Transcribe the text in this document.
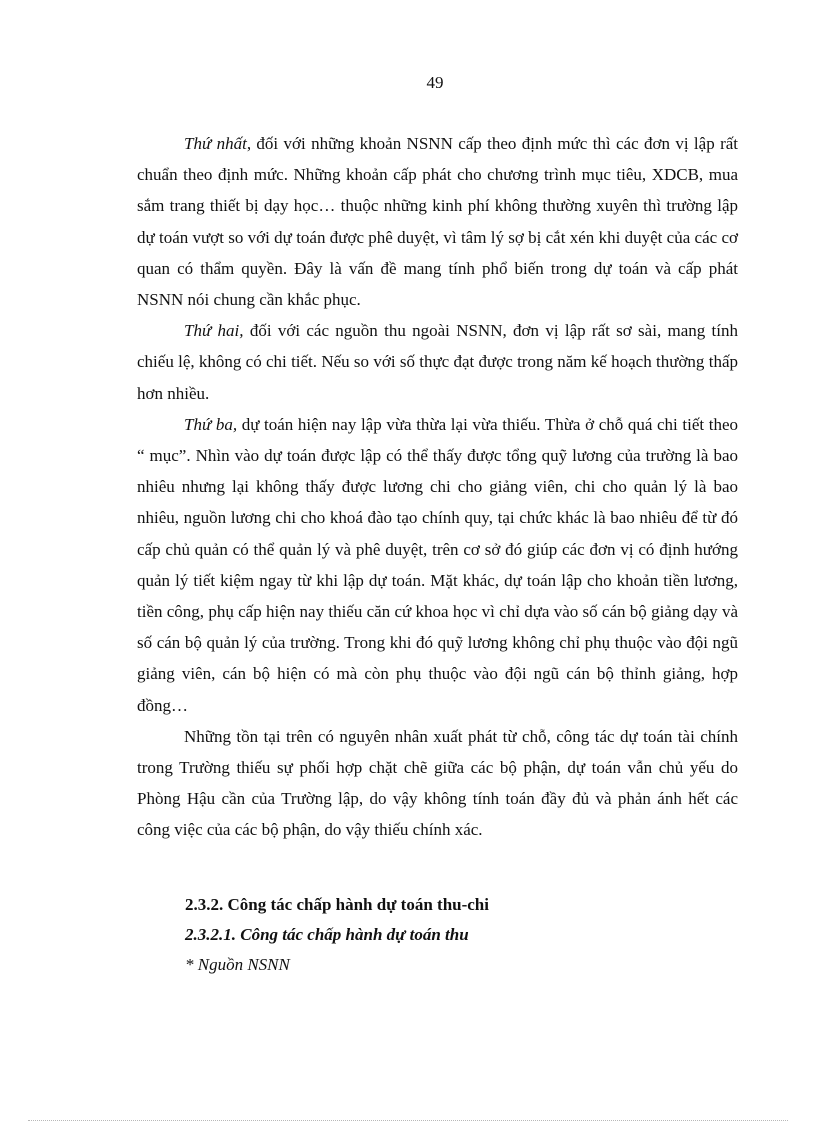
49

Thứ nhất, đối với những khoản NSNN cấp theo định mức thì các đơn vị lập rất chuẩn theo định mức. Những khoản cấp phát cho chương trình mục tiêu, XDCB, mua sắm trang thiết bị dạy học… thuộc những kinh phí không thường xuyên thì trường lập dự toán vượt so với dự toán được phê duyệt, vì tâm lý sợ bị cắt xén khi duyệt của các cơ quan có thẩm quyền. Đây là vấn đề mang tính phổ biến trong dự toán và cấp phát NSNN nói chung cần khắc phục.

Thứ hai, đối với các nguồn thu ngoài NSNN, đơn vị lập rất sơ sài, mang tính chiếu lệ, không có chi tiết. Nếu so với số thực đạt được trong năm kế hoạch thường thấp hơn nhiều.

Thứ ba, dự toán hiện nay lập vừa thừa lại vừa thiếu. Thừa ở chỗ quá chi tiết theo “ mục”. Nhìn vào dự toán được lập có thể thấy được tổng quỹ lương của trường là bao nhiêu nhưng lại không thấy được lương chi cho giảng viên, chi cho quản lý là bao nhiêu, nguồn lương chi cho khoá đào tạo chính quy, tại chức khác là bao nhiêu để từ đó cấp chủ quản có thể quản lý và phê duyệt, trên cơ sở đó giúp các đơn vị có định hướng quản lý tiết kiệm ngay từ khi lập dự toán. Mặt khác, dự toán lập cho khoản tiền lương, tiền công, phụ cấp hiện nay thiếu căn cứ khoa học vì chỉ dựa vào số cán bộ giảng dạy và số cán bộ quản lý của trường. Trong khi đó quỹ lương không chỉ phụ thuộc vào đội ngũ giảng viên, cán bộ hiện có mà còn phụ thuộc vào đội ngũ cán bộ thỉnh giảng, hợp đồng…

Những tồn tại trên có nguyên nhân xuất phát từ chỗ, công tác dự toán tài chính trong Trường thiếu sự phối hợp chặt chẽ giữa các bộ phận, dự toán vẫn chủ yếu do Phòng Hậu cần của Trường lập, do vậy không tính toán đầy đủ và phản ánh hết các công việc của các bộ phận, do vậy thiếu chính xác.

2.3.2. Công tác chấp hành dự toán thu-chi
2.3.2.1. Công tác chấp hành dự toán thu
* Nguồn NSNN
